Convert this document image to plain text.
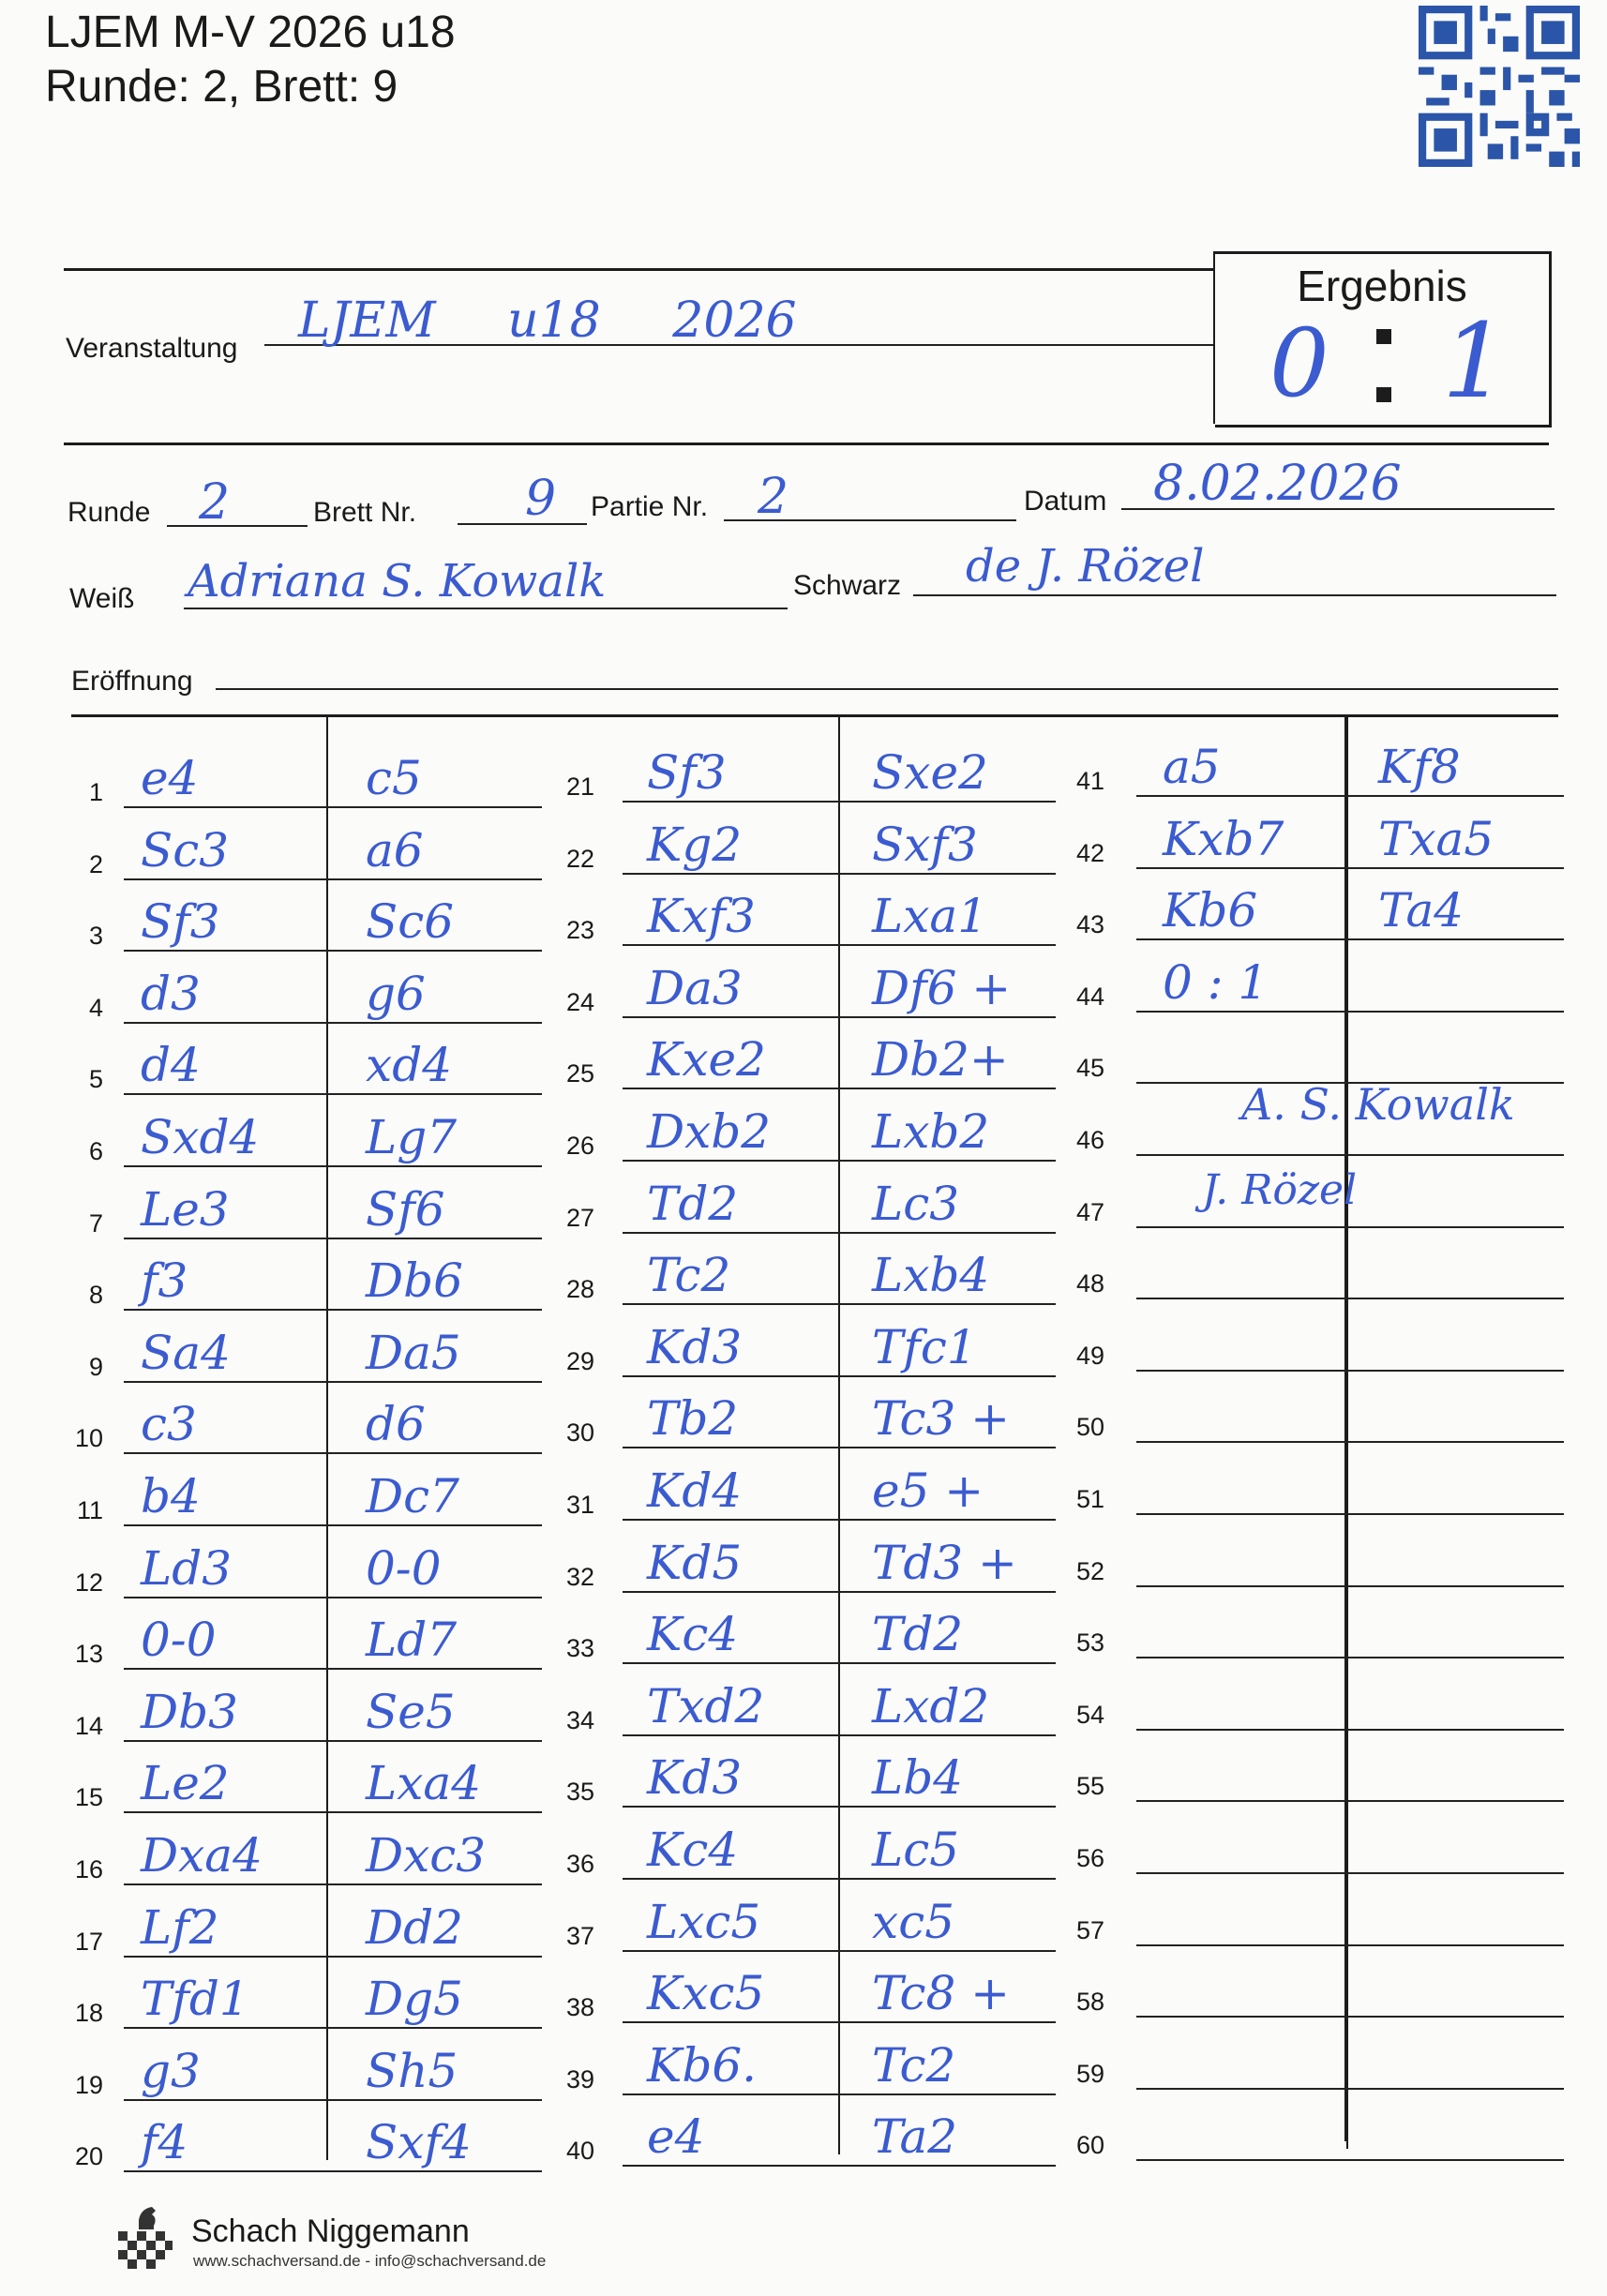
LJEM M-V 2026 u18
Runde: 2, Brett: 9
Veranstaltung LJEM u18 2026
Ergebnis
0 1
Runde 2	Brett Nr. 9 Partie Nr. 2	Datum 8.02.2026
Weiß Adriana S. Kowalk	Schwarz de J. Rözel
Eröffnung
1 e4	c5
2 Sc3	a6
3 Sf3	Sc6
4 d3	g6
5 d4	xd4
6 Sxd4 Lg7
7 Le3	Sf6
8 f3	Db6
9 Sa4	Da5
10 c3	d6
11 b4	Dc7
12 Ld3	0-0
13 0-0	Ld7
14 Db3	Se5
15 Le2	Lxa4
16 Dxa4 Dxc3
17 Lf2	Dd2
18 Tfd1 Dg5
19 g3	Sh5
20 f4	Sxf4
21 Sf3	Sxe2
22 Kg2	Sxf3
23 Kxf3 Lxa1
24 Da3	Df6 +
25 Kxe2 Db2+
26 Dxb2 Lxb2
27 Td2	Lc3
28 Tc2	Lxb4
29 Kd3	Tfc1
30 Tb2	Tc3 +
31 Kd4	e5 +
32 Kd5	Td3 +
33 Kc4	Td2
34 Txd2 Lxd2
35 Kd3	Lb4
36 Kc4	Lc5
37 Lxc5 xc5
38 Kxc5 Tc8 +
39 Kb6. Tc2
40 e4	Ta2
41 a5	Kf8
42 Kxb7 Txa5
43 Kb6	Ta4
44 0 : 1
45
46
47
48
49
50
51
52
53
54
55
56
57
58
59
60
A. S. Kowalk
J. Rözel
Schach Niggemann
www.schachversand.de - info@schachversand.de
